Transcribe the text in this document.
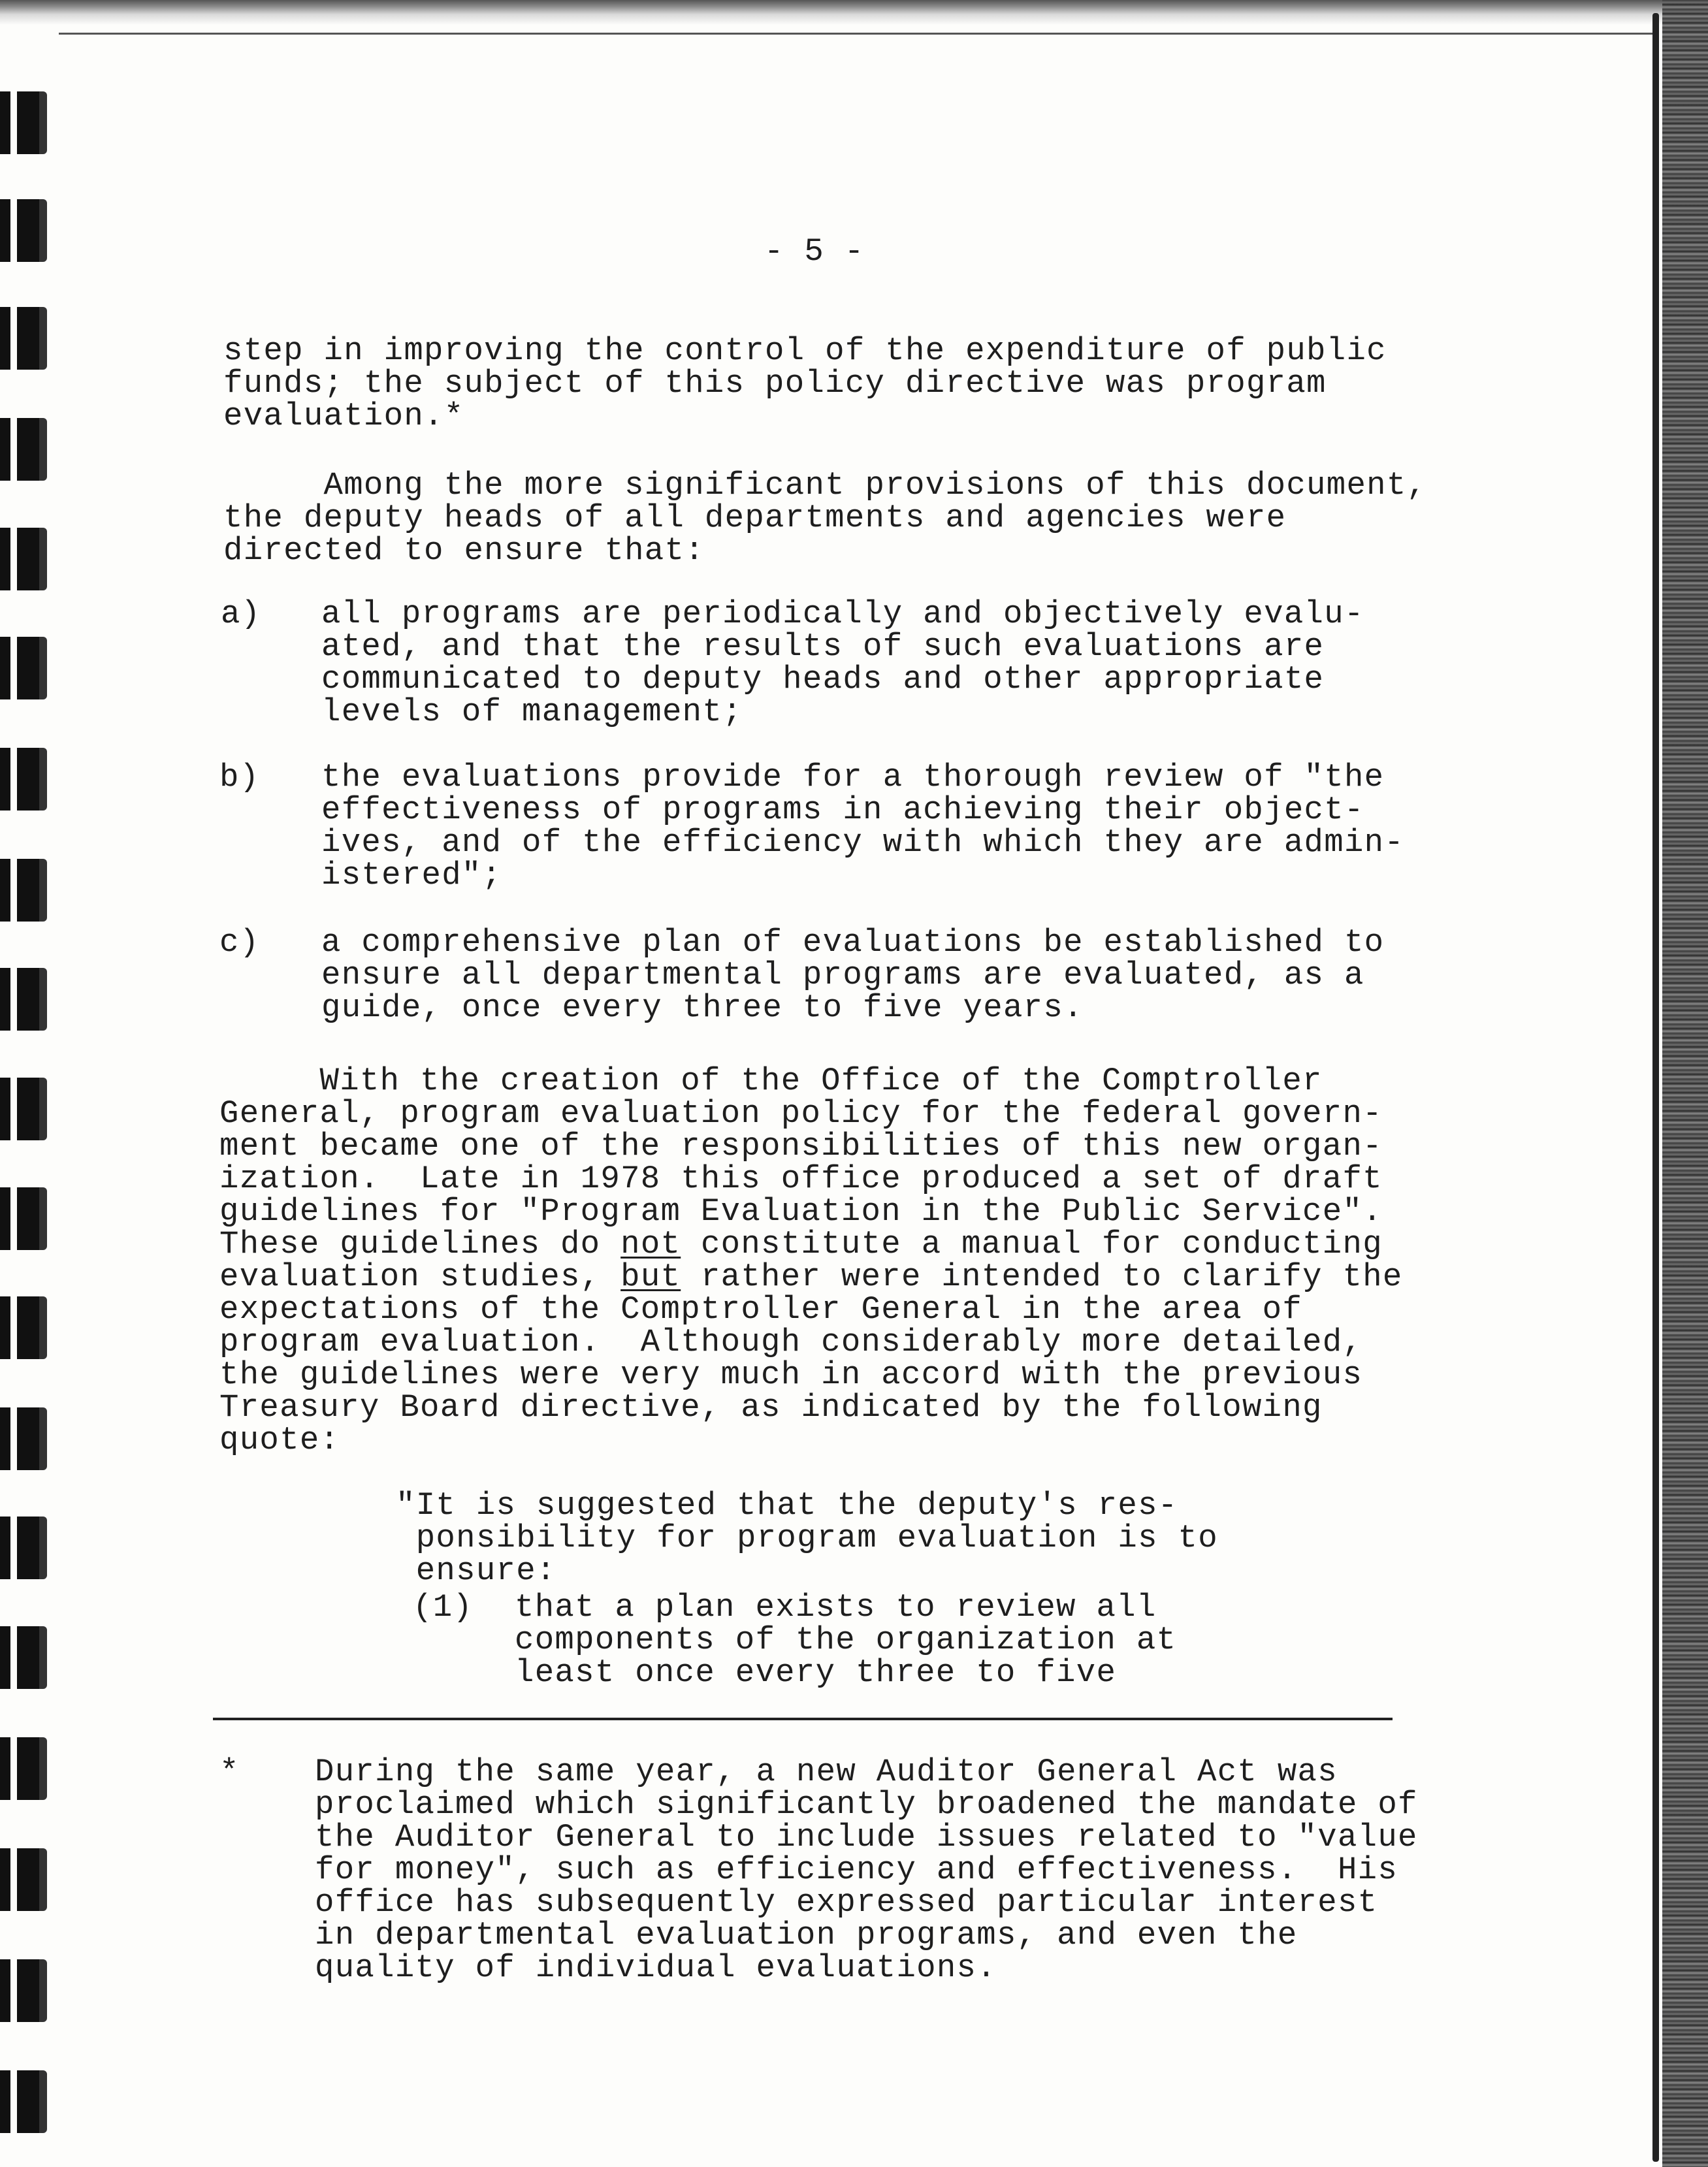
- 5 -
step in improving the control of the expenditure of public
funds; the subject of this policy directive was program
evaluation.*
Among the more significant provisions of this document,
the deputy heads of all departments and agencies were
directed to ensure that:
a) all programs are periodically and objectively evalu-
ated, and that the results of such evaluations are
communicated to deputy heads and other appropriate
levels of management;
b) the evaluations provide for a thorough review of "the
effectiveness of programs in achieving their object-
ives, and of the efficiency with which they are admin-
istered";
c) a comprehensive plan of evaluations be established to
ensure all departmental programs are evaluated, as a
guide, once every three to five years.
With the creation of the Office of the Comptroller
General, program evaluation policy for the federal govern-
ment became one of the responsibilities of this new organ-
ization.  Late in 1978 this office produced a set of draft
guidelines for "Program Evaluation in the Public Service".
These guidelines do not constitute a manual for conducting
evaluation studies, but rather were intended to clarify the
expectations of the Comptroller General in the area of
program evaluation.  Although considerably more detailed,
the guidelines were very much in accord with the previous
Treasury Board directive, as indicated by the following
quote:
"It is suggested that the deputy's res-
ponsibility for program evaluation is to
ensure:
(1) that a plan exists to review all
components of the organization at
least once every three to five
* During the same year, a new Auditor General Act was
proclaimed which significantly broadened the mandate of
the Auditor General to include issues related to "value
for money", such as efficiency and effectiveness.  His
office has subsequently expressed particular interest
in departmental evaluation programs, and even the
quality of individual evaluations.
